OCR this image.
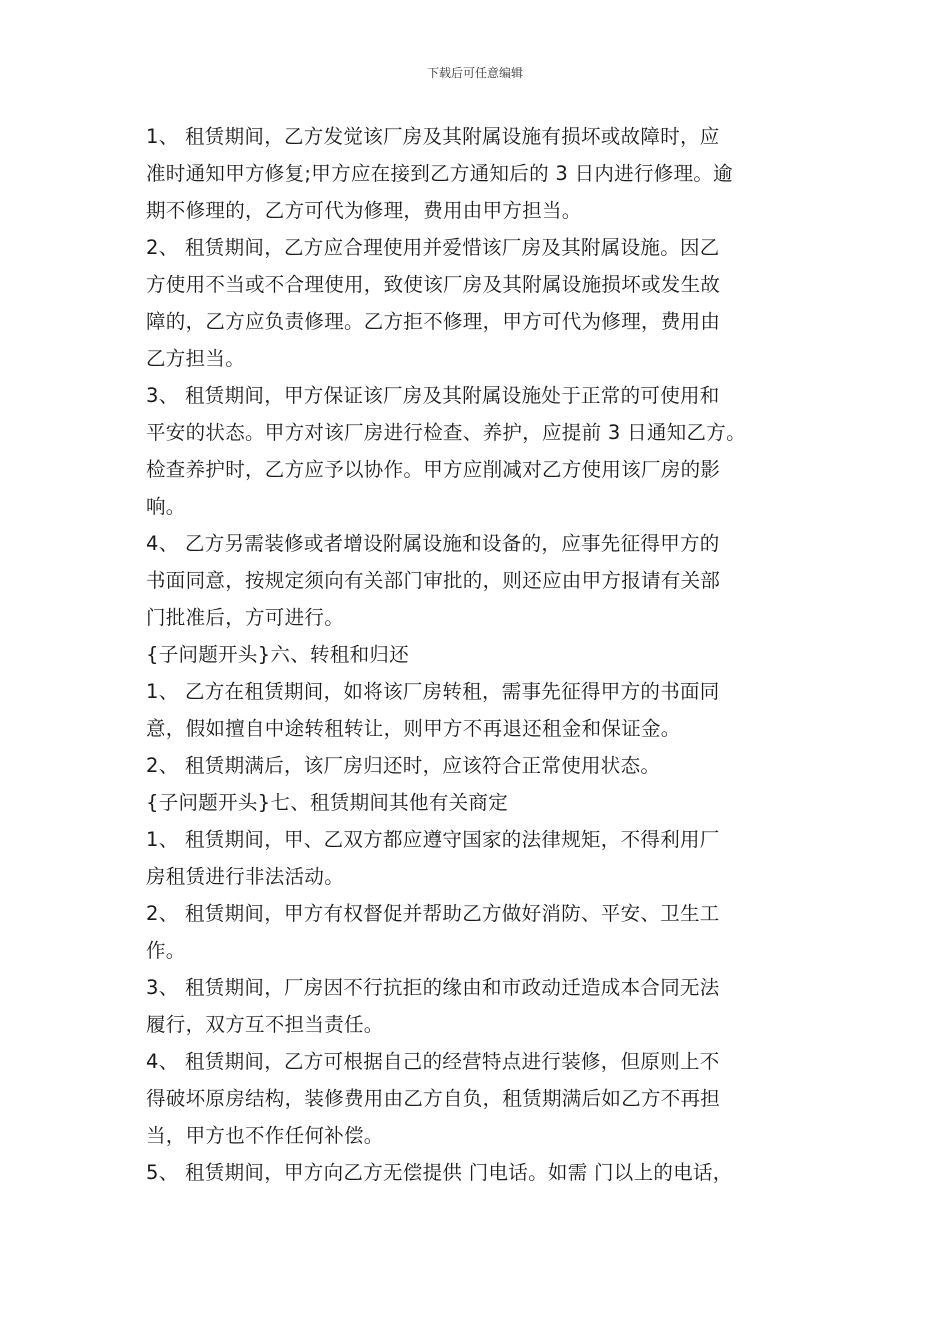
下载后可任意编辑
1、 租赁期间，乙方发觉该厂房及其附属设施有损坏或故障时，应
准时通知甲方修复;甲方应在接到乙方通知后的 3 日内进行修理。逾
期不修理的，乙方可代为修理，费用由甲方担当。
2、 租赁期间，乙方应合理使用并爱惜该厂房及其附属设施。因乙
方使用不当或不合理使用，致使该厂房及其附属设施损坏或发生故
障的，乙方应负责修理。乙方拒不修理，甲方可代为修理，费用由
乙方担当。
3、 租赁期间，甲方保证该厂房及其附属设施处于正常的可使用和
平安的状态。甲方对该厂房进行检查、养护，应提前 3 日通知乙方。
检查养护时，乙方应予以协作。甲方应削减对乙方使用该厂房的影
响。
4、 乙方另需装修或者增设附属设施和设备的，应事先征得甲方的
书面同意，按规定须向有关部门审批的，则还应由甲方报请有关部
门批准后，方可进行。
{子问题开头}六、转租和归还
1、 乙方在租赁期间，如将该厂房转租，需事先征得甲方的书面同
意，假如擅自中途转租转让，则甲方不再退还租金和保证金。
2、 租赁期满后，该厂房归还时，应该符合正常使用状态。
{子问题开头}七、租赁期间其他有关商定
1、 租赁期间，甲、乙双方都应遵守国家的法律规矩，不得利用厂
房租赁进行非法活动。
2、 租赁期间，甲方有权督促并帮助乙方做好消防、平安、卫生工
作。
3、 租赁期间，厂房因不行抗拒的缘由和市政动迁造成本合同无法
履行，双方互不担当责任。
4、 租赁期间，乙方可根据自己的经营特点进行装修，但原则上不
得破坏原房结构，装修费用由乙方自负，租赁期满后如乙方不再担
当，甲方也不作任何补偿。
5、 租赁期间，甲方向乙方无偿提供 门电话。如需 门以上的电话，
